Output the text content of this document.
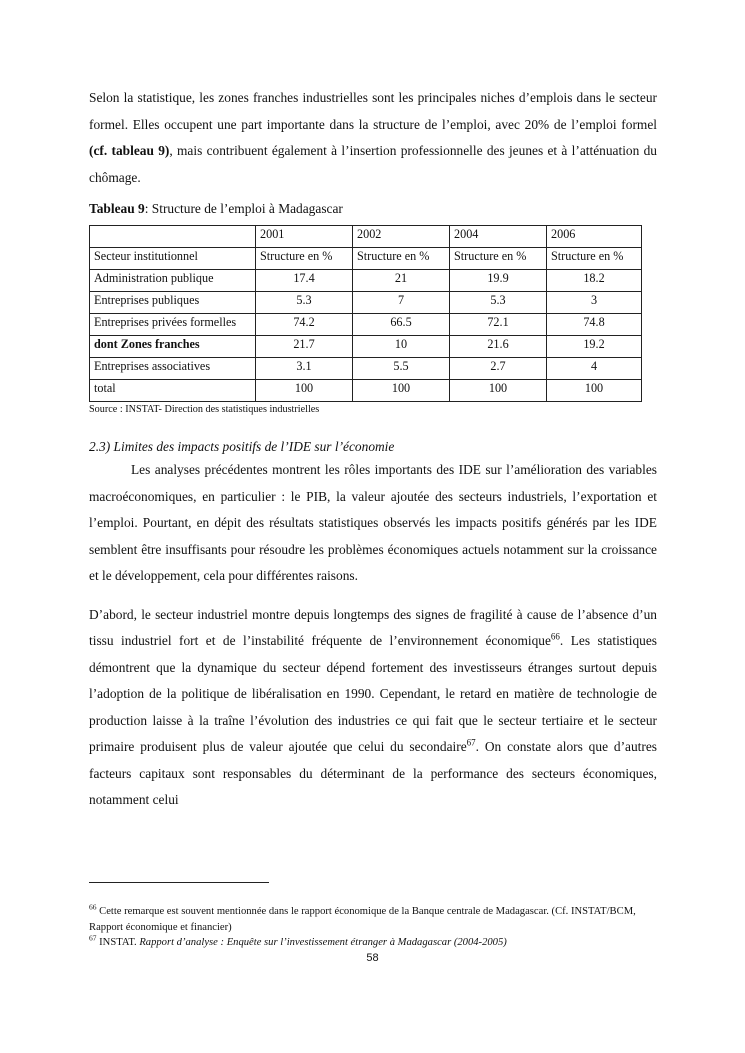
Selon la statistique, les zones franches industrielles sont les principales niches d’emplois dans le secteur formel. Elles occupent une part importante dans la structure de l’emploi, avec 20% de l’emploi formel (cf. tableau 9), mais contribuent également à l’insertion professionnelle des jeunes et à l’atténuation du chômage.

Tableau 9: Structure de l’emploi à Madagascar

	2001	2002	2004	2006
Secteur institutionnel	Structure en %	Structure en %	Structure en %	Structure en %
Administration publique	17.4	21	19.9	18.2
Entreprises publiques	5.3	7	5.3	3
Entreprises privées formelles	74.2	66.5	72.1	74.8
dont Zones franches	21.7	10	21.6	19.2
Entreprises associatives	3.1	5.5	2.7	4
total	100	100	100	100

Source : INSTAT- Direction des statistiques industrielles

2.3) Limites des impacts positifs de l’IDE sur l’économie

Les analyses précédentes montrent les rôles importants des IDE sur l’amélioration des variables macroéconomiques, en particulier : le PIB, la valeur ajoutée des secteurs industriels, l’exportation et l’emploi. Pourtant, en dépit des résultats statistiques observés les impacts positifs générés par les IDE semblent être insuffisants pour résoudre les problèmes économiques actuels notamment sur la croissance et le développement, cela pour différentes raisons.

D’abord, le secteur industriel montre depuis longtemps des signes de fragilité à cause de l’absence d’un tissu industriel fort et de l’instabilité fréquente de l’environnement économique$^{66}$. Les statistiques démontrent que la dynamique du secteur dépend fortement des investisseurs étranges surtout depuis l’adoption de la politique de libéralisation en 1990. Cependant, le retard en matière de technologie de production laisse à la traîne l’évolution des industries ce qui fait que le secteur tertiaire et le secteur primaire produisent plus de valeur ajoutée que celui du secondaire$^{67}$. On constate alors que d’autres facteurs capitaux sont responsables du déterminant de la performance des secteurs économiques, notamment celui

$^{66}$ Cette remarque est souvent mentionnée dans le rapport économique de la Banque centrale de Madagascar. (Cf. INSTAT/BCM, Rapport économique et financier)

$^{67}$ INSTAT. Rapport d’analyse : Enquête sur l’investissement étranger à Madagascar (2004-2005)

58
